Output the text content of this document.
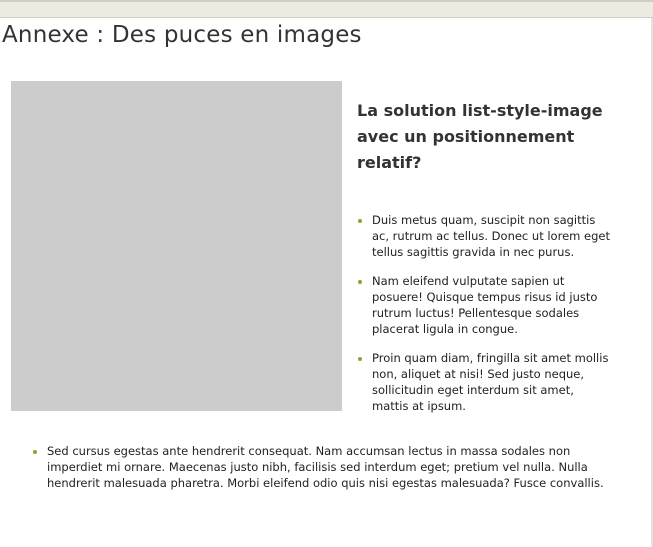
Annexe : Des puces en images
La solution list-style-image avec un positionnement relatif?
Duis metus quam, suscipit non sagittis ac, rutrum ac tellus. Donec ut lorem eget tellus sagittis gravida in nec purus.
Nam eleifend vulputate sapien ut posuere! Quisque tempus risus id justo rutrum luctus! Pellentesque sodales placerat ligula in congue.
Proin quam diam, fringilla sit amet mollis non, aliquet at nisi! Sed justo neque, sollicitudin eget interdum sit amet, mattis at ipsum.
Sed cursus egestas ante hendrerit consequat. Nam accumsan lectus in massa sodales non imperdiet mi ornare. Maecenas justo nibh, facilisis sed interdum eget; pretium vel nulla. Nulla hendrerit malesuada pharetra. Morbi eleifend odio quis nisi egestas malesuada? Fusce convallis.
